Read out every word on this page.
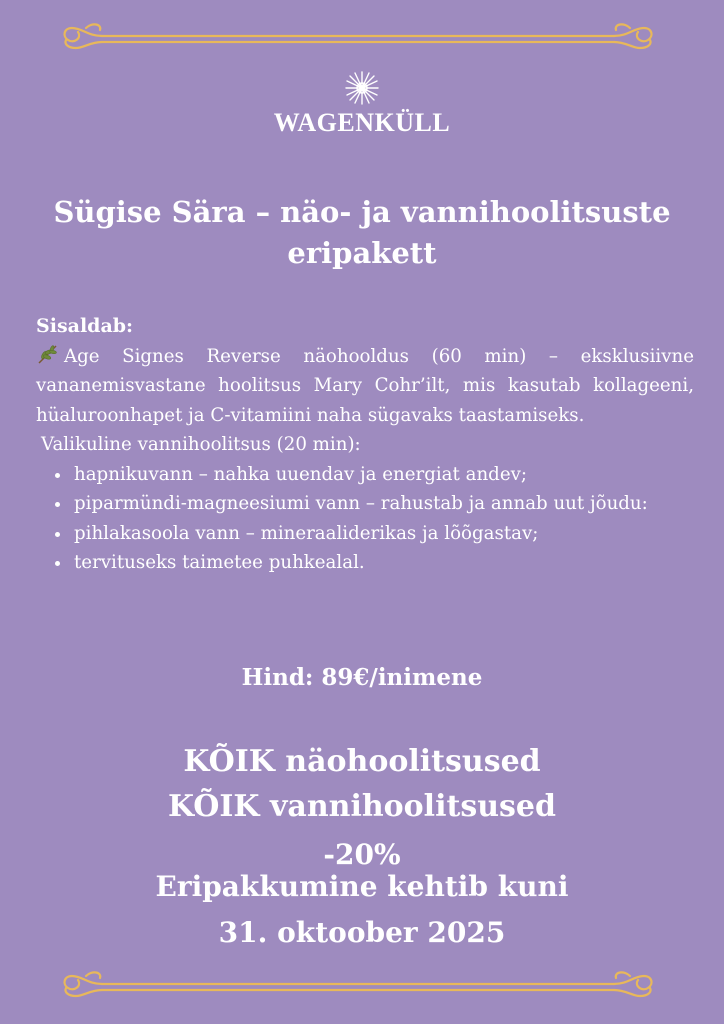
WAGENKÜLL
Sügise Sära – näo- ja vannihoolitsuste
eripakett
Sisaldab:
Age Signes Reverse näohooldus (60 min) – eksklusiivne vananemisvastane hoolitsus Mary Cohr’ilt, mis kasutab kollageeni, hüaluroonhapet ja C-vitamiini naha sügavaks taastamiseks.
Valikuline vannihoolitsus (20 min):
• hapnikuvann – nahka uuendav ja energiat andev;
• piparmündi-magneesiumi vann – rahustab ja annab uut jõudu:
• pihlakasoola vann – mineraaliderikas ja lõõgastav;
• tervituseks taimetee puhkealal.
Hind: 89€/inimene
KÕIK näohoolitsused
KÕIK vannihoolitsused
-20%
Eripakkumine kehtib kuni
31. oktoober 2025
